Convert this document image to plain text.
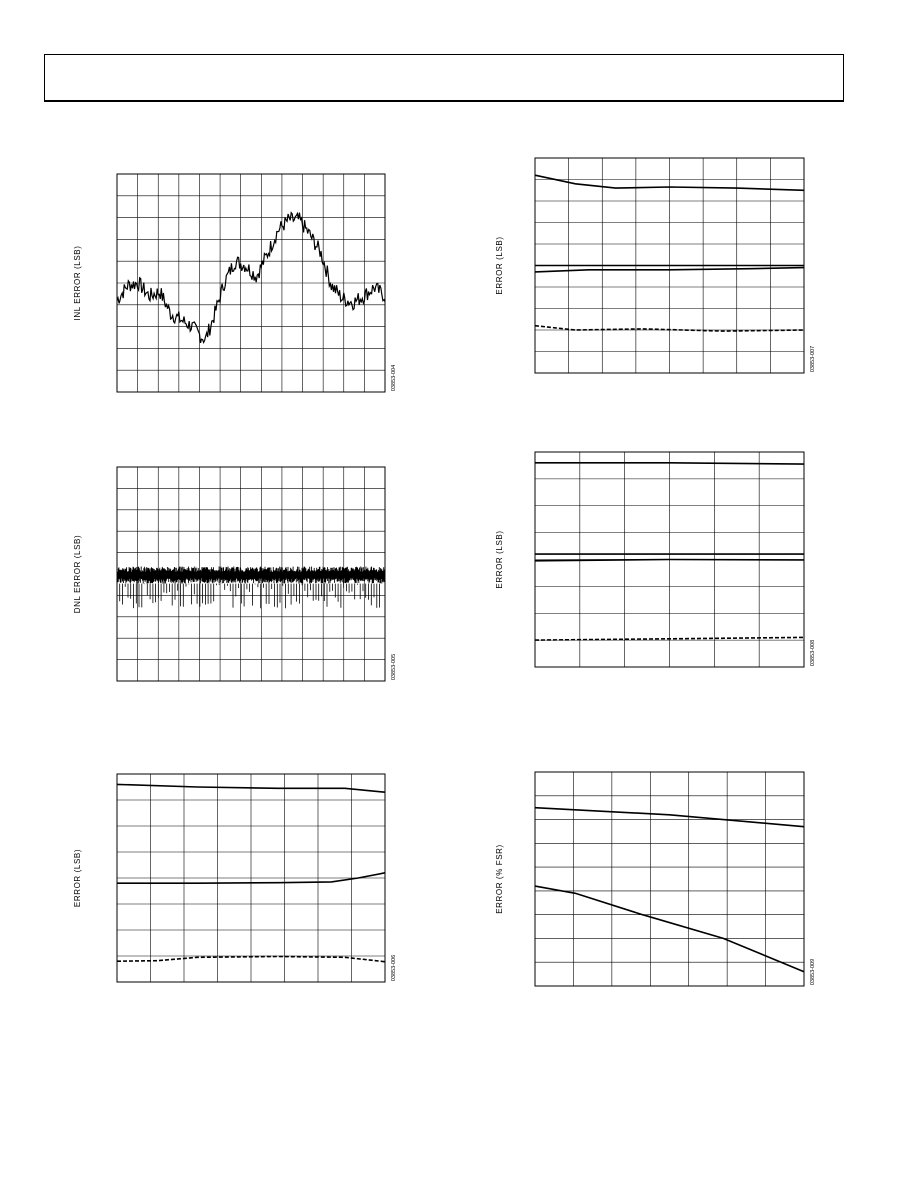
INL ERROR (LSB)
03853-004
DNL ERROR (LSB)
03853-005
ERROR (LSB)
03853-006
ERROR (LSB)
03853-007
ERROR (LSB)
03853-008
ERROR (% FSR)
03853-009
